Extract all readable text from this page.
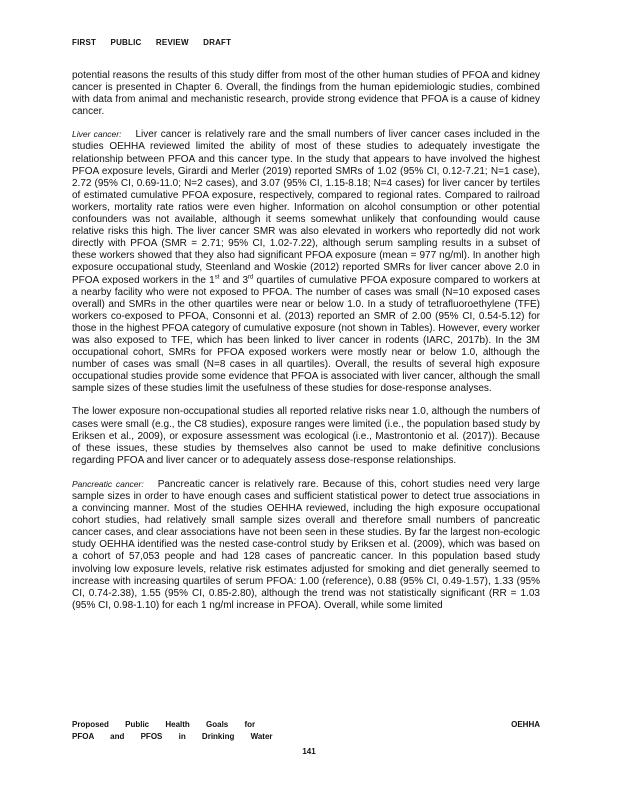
FIRST PUBLIC REVIEW DRAFT

potential reasons the results of this study differ from most of the other human studies of PFOA and kidney cancer is presented in Chapter 6. Overall, the findings from the human epidemiologic studies, combined with data from animal and mechanistic research, provide strong evidence that PFOA is a cause of kidney cancer.

Liver cancer: Liver cancer is relatively rare and the small numbers of liver cancer cases included in the studies OEHHA reviewed limited the ability of most of these studies to adequately investigate the relationship between PFOA and this cancer type. In the study that appears to have involved the highest PFOA exposure levels, Girardi and Merler (2019) reported SMRs of 1.02 (95% CI, 0.12-7.21; N=1 case), 2.72 (95% CI, 0.69-11.0; N=2 cases), and 3.07 (95% CI, 1.15-8.18; N=4 cases) for liver cancer by tertiles of estimated cumulative PFOA exposure, respectively, compared to regional rates. Compared to railroad workers, mortality rate ratios were even higher. Information on alcohol consumption or other potential confounders was not available, although it seems somewhat unlikely that confounding would cause relative risks this high. The liver cancer SMR was also elevated in workers who reportedly did not work directly with PFOA (SMR = 2.71; 95% CI, 1.02-7.22), although serum sampling results in a subset of these workers showed that they also had significant PFOA exposure (mean = 977 ng/ml). In another high exposure occupational study, Steenland and Woskie (2012) reported SMRs for liver cancer above 2.0 in PFOA exposed workers in the 1st and 3rd quartiles of cumulative PFOA exposure compared to workers at a nearby facility who were not exposed to PFOA. The number of cases was small (N=10 exposed cases overall) and SMRs in the other quartiles were near or below 1.0. In a study of tetrafluoroethylene (TFE) workers co-exposed to PFOA, Consonni et al. (2013) reported an SMR of 2.00 (95% CI, 0.54-5.12) for those in the highest PFOA category of cumulative exposure (not shown in Tables). However, every worker was also exposed to TFE, which has been linked to liver cancer in rodents (IARC, 2017b). In the 3M occupational cohort, SMRs for PFOA exposed workers were mostly near or below 1.0, although the number of cases was small (N=8 cases in all quartiles). Overall, the results of several high exposure occupational studies provide some evidence that PFOA is associated with liver cancer, although the small sample sizes of these studies limit the usefulness of these studies for dose-response analyses.

The lower exposure non-occupational studies all reported relative risks near 1.0, although the numbers of cases were small (e.g., the C8 studies), exposure ranges were limited (i.e., the population based study by Eriksen et al., 2009), or exposure assessment was ecological (i.e., Mastrontonio et al. (2017)). Because of these issues, these studies by themselves also cannot be used to make definitive conclusions regarding PFOA and liver cancer or to adequately assess dose-response relationships.

Pancreatic cancer: Pancreatic cancer is relatively rare. Because of this, cohort studies need very large sample sizes in order to have enough cases and sufficient statistical power to detect true associations in a convincing manner. Most of the studies OEHHA reviewed, including the high exposure occupational cohort studies, had relatively small sample sizes overall and therefore small numbers of pancreatic cancer cases, and clear associations have not been seen in these studies. By far the largest non-ecologic study OEHHA identified was the nested case-control study by Eriksen et al. (2009), which was based on a cohort of 57,053 people and had 128 cases of pancreatic cancer. In this population based study involving low exposure levels, relative risk estimates adjusted for smoking and diet generally seemed to increase with increasing quartiles of serum PFOA: 1.00 (reference), 0.88 (95% CI, 0.49-1.57), 1.33 (95% CI, 0.74-2.38), 1.55 (95% CI, 0.85-2.80), although the trend was not statistically significant (RR = 1.03 (95% CI, 0.98-1.10) for each 1 ng/ml increase in PFOA). Overall, while some limited

Proposed Public Health Goals for	OEHHA
PFOA and PFOS in Drinking Water
141
